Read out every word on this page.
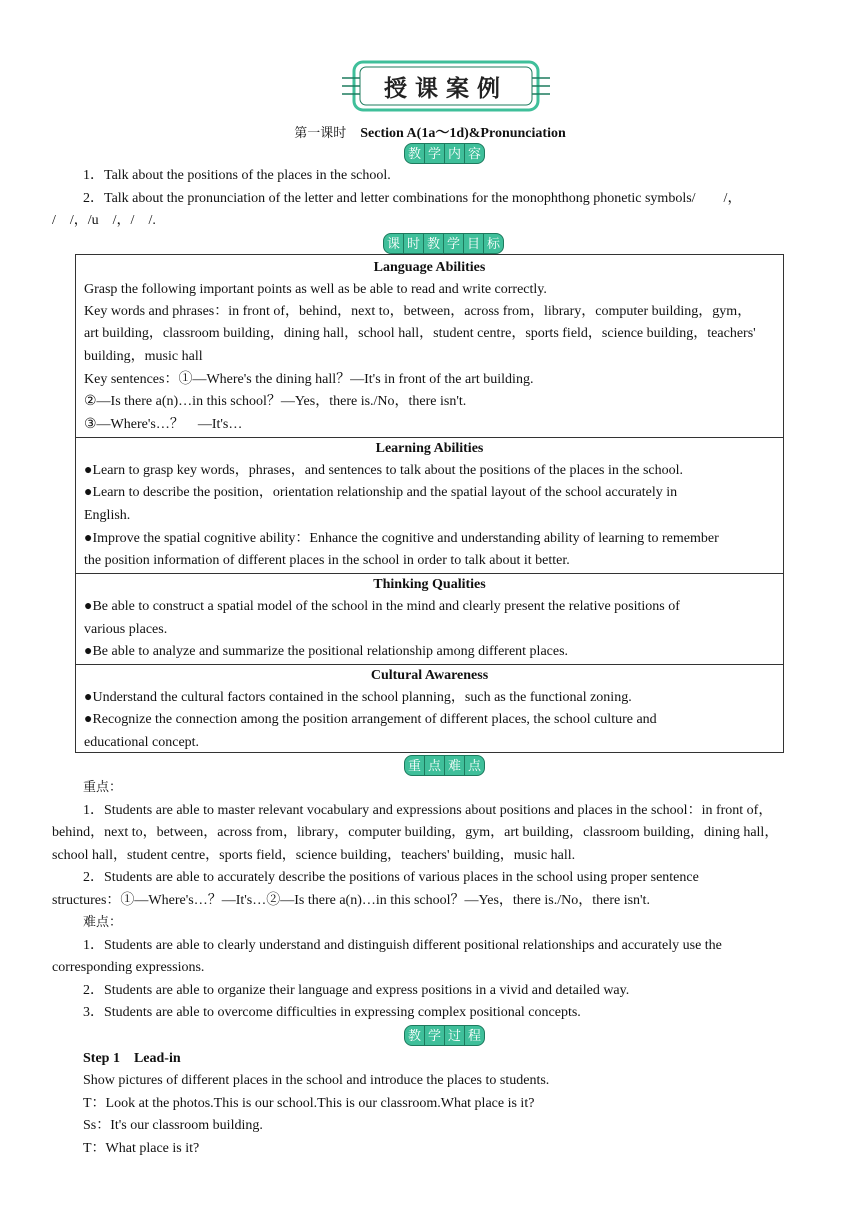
授课案例
第一课时 Section A(1a～1d)&Pronunciation
教 学 内 容
1．Talk about the positions of the places in the school.
2．Talk about the pronunciation of the letter and letter combinations for the monophthong phonetic symbols/　　/，
/　/，/u　/，/　/.
课 时 教 学 目 标
Language Abilities
Grasp the following important points as well as be able to read and write correctly.
Key words and phrases：in front of，behind，next to，between，across from，library，computer building，gym，
art building，classroom building，dining hall，school hall，student centre，sports field，science building，teachers'
building，music hall
Key sentences：①—Where's the dining hall？—It's in front of the art building.
②—Is there a(n)…in this school？—Yes，there is./No，there isn't.
③—Where's…？　—It's…
Learning Abilities
●Learn to grasp key words，phrases，and sentences to talk about the positions of the places in the school.
●Learn to describe the position，orientation relationship and the spatial layout of the school accurately in
English.
●Improve the spatial cognitive ability：Enhance the cognitive and understanding ability of learning to remember
the position information of different places in the school in order to talk about it better.
Thinking Qualities
●Be able to construct a spatial model of the school in the mind and clearly present the relative positions of
various places.
●Be able to analyze and summarize the positional relationship among different places.
Cultural Awareness
●Understand the cultural factors contained in the school planning，such as the functional zoning.
●Recognize the connection among the position arrangement of different places, the school culture and
educational concept.
重 点 难 点
重点：
1．Students are able to master relevant vocabulary and expressions about positions and places in the school：in front of，
behind，next to，between，across from，library，computer building，gym，art building，classroom building，dining hall，
school hall，student centre，sports field，science building，teachers' building，music hall.
2．Students are able to accurately describe the positions of various places in the school using proper sentence
structures：①—Where's…？—It's…②—Is there a(n)…in this school？—Yes，there is./No，there isn't.
难点：
1．Students are able to clearly understand and distinguish different positional relationships and accurately use the
corresponding expressions.
2．Students are able to organize their language and express positions in a vivid and detailed way.
3．Students are able to overcome difficulties in expressing complex positional concepts.
教 学 过 程
Step 1　Lead-in
Show pictures of different places in the school and introduce the places to students.
T：Look at the photos.This is our school.This is our classroom.What place is it?
Ss：It's our classroom building.
T：What place is it?
